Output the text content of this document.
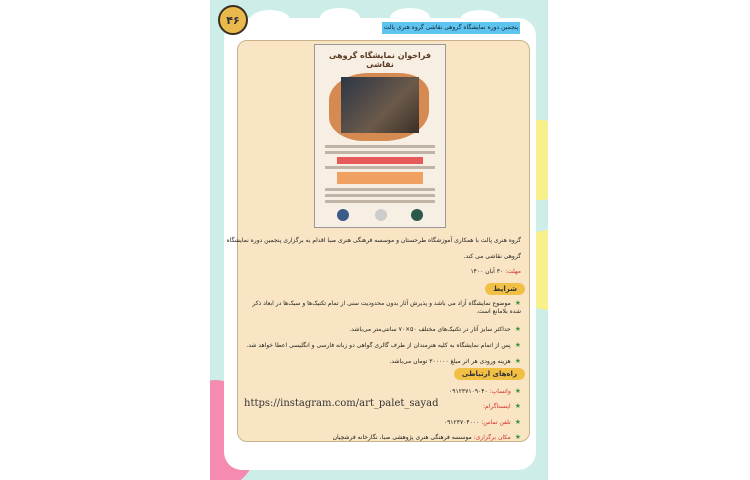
۴۶
پنجمین دوره نمایشگاه گروهی نقاشی گروه هنری پالت
فراخوان نمایشگاه گروهی نقاشی
گروه هنری پالت با همکاری آموزشگاه طرحستان و موسسه فرهنگی هنری صبا اقدام به برگزاری پنجمین دوره نمایشگاه
گروهی نقاشی می کند.
مهلت: ۳۰ آبان ۱۴۰۰
شرایط
★موضوع نمایشگاه آزاد می باشد و پذیرش آثار بدون محدودیت سنی از تمام تکنیک‌ها و سبک‌ها در ابعاد ذکر شده بلامانع است.
★حداکثر سایز آثار در تکنیک‌های مختلف ۵۰×۷۰ سانتی‌متر می‌باشد.
★پس از اتمام نمایشگاه به کلیه هنرمندان از طرف گالری گواهی دو زبانه فارسی و انگلیسی اعطا خواهد شد.
★هزینه ورودی هر اثر مبلغ ۳۰۰۰۰۰ تومان می‌باشد.
راه‌های ارتباطی
★واتساپ: ۰۹۱۲۳۷۱۰۹۰۴۰
★اینستاگرام:
https://instagram.com/art_palet_sayad
★تلفن تماس: ۰۹۱۲۳۷۰۴۰۰۰
★مکان برگزاری: موسسه فرهنگی هنری پژوهشی صبا، نگارخانه فرشچیان
